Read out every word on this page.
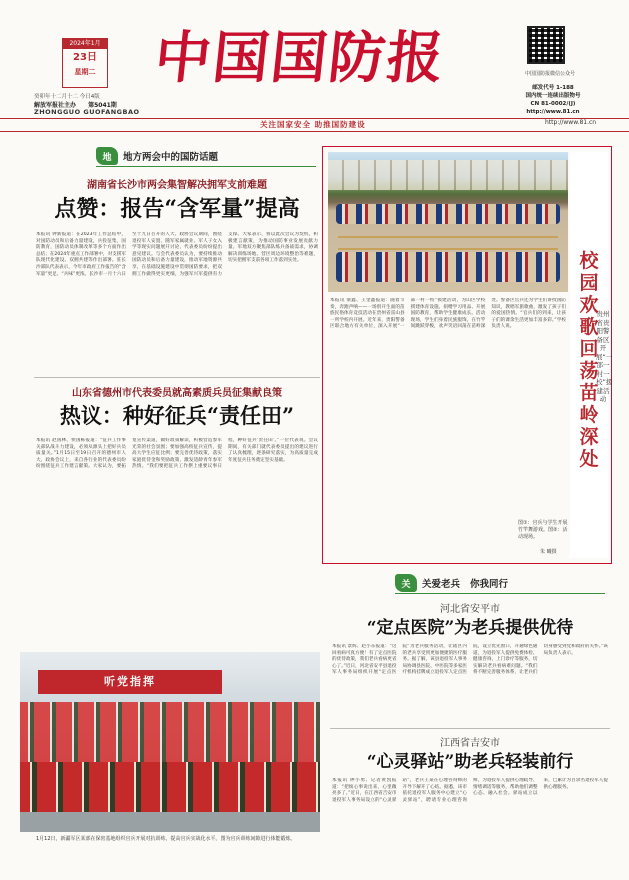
2024年1月
23日
星期二
癸卯年十二月十二 今日4版
解放军报社主办 第5041期
ZHONGGUO GUOFANGBAO
中国国防报	中国国防报微信公众号
邮发代号 1-188
国内统一连续出版物号
CN 81-0002/(J)
http://www.81.cn
关注国家安全 助推国防建设	http://www.81.cn
地	地方两会中的国防话题
湖南省长沙市两会集智解决拥军支前难题
点赞：报告“含军量”提高
本报讯 钟新报道：在2023年工作总结中，对国防动员和后备力量建设，兵役征集，国防教育，国防动员体制改革等多个方面作出总结；在2024年重点工作部署中，对支援军队现代化建设、双拥共建等作出部署。驻长沙部队代表表示，今年市政府工作报告的“含军量”更足、“兵味”更浓。长沙市一月十六日至十九日召开的人大、政协会议期间，围绕退役军人安置、随军家属就业、军人子女入学等现实问题展开讨论，代表委员纷纷提出意见建议。与会代表委员认为，要持续推动国防动员和后备力量建设，推动军地资源共享，在基础设施建设中贯彻国防要求，把双拥工作做得更实更细，为强军兴军提供有力支撑。大家表示，将以此次会议为契机，积极建言献策，为推动国防事业发展贡献力量。军地双方聚焦部队练兵备战需求，协调解决训练场地、营区周边环境整治等难题，切实把拥军支前各项工作落到实处。
山东省德州市代表委员就高素质兵员征集献良策
热议：种好征兵“责任田”
本报讯 赵国林、侯国栋报道：“征兵工作事关部队战斗力建设，必须从源头上把好兵员质量关。”1月15日至19日召开的德州市人大、政协会议上，来自各行业的代表委员纷纷围绕征兵工作建言献策。大家认为，要拓宽宣传渠道，做好政策解读，积极营造参军光荣的社会氛围；要加强高校征兵宣传，提高大学生应征比例；要完善优待政策，落实家庭优待金和奖励政策，激发适龄青年参军热情。“我们要把征兵工作摆上重要议事日程，种好征兵‘责任田’。”一位代表说。会议期间，有关部门就代表委员提出的建议进行了认真梳理，逐条研究落实，为高质量完成年度征兵任务奠定坚实基础。
听党指挥
1月12日，新疆军区某部在保密基地组织官兵开展对抗训练，提高官兵实战化水平。图为官兵训练间隙进行体能锻炼。
校园欢歌回荡苗岭深处
贵州省贵阳警备区开展“一部一村一校”援建活动
本报讯 梁鑫、王金鑫报道：随着节奏，奔跑声响——一场别开生面的苗族民俗体育竞技活动在贵州省雷山县一所学校内开展。近年来，贵阳警备区联合地方有关单位，深入开展“一部一村一校”援建活动，为山区学校援建体育设施、捐赠学习用品、开展国防教育，帮助学生健康成长。活动现场，学生们身着民族服饰，在竹竿间跳跃穿梭，欢声笑语回荡在苗岭深处。警备区官兵还为学生们讲授国防知识，教唱军旅歌曲，激发了孩子们的爱国热情。“官兵们的到来，让孩子们的课余生活更加丰富多彩。”学校负责人说。
图①：官兵与学生开展竹竿舞游戏。图②：活动现场。
朱 曦摄
关	关爱老兵 你我同行
河北省安平市
“定点医院”为老兵提供优待
本报讯 景辉、赵小东报道：“这回看病可真方便！有了定点医院的优待政策，我们老兵看病更省心了。”近日，河北省安平县退役军人事务局组织开展“定点医院”为老兵服务活动，让辖区内的老兵享受到更加便捷的医疗服务。据了解，该县退役军人事务局协调县医院、中医院等多家医疗机构挂牌成立退役军人定点医院，设立优先窗口，开通绿色通道，为退役军人提供免费体检、健康咨询、上门诊疗等服务，切实解决老兵看病难问题。“我们将不断完善服务体系，让老兵们切身感受到党和政府的关怀。”该局负责人表示。
江西省吉安市
“心灵驿站”助老兵轻装前行
本报讯 钟小勇、记者黄凯报道：“把烦心事说出来，心里敞亮多了。”近日，在江西省吉安市退役军人事务局设立的“心灵驿站”，老兵王某在心理咨询师的开导下解开了心结。据悉，该市依托退役军人服务中心建立“心灵驿站”，聘请专业心理咨询师，为退役军人提供心理疏导、情绪调适等服务，帮助他们调整心态、融入社会。驿站成立以来，已累计为百余名退役军人提供心理服务。
